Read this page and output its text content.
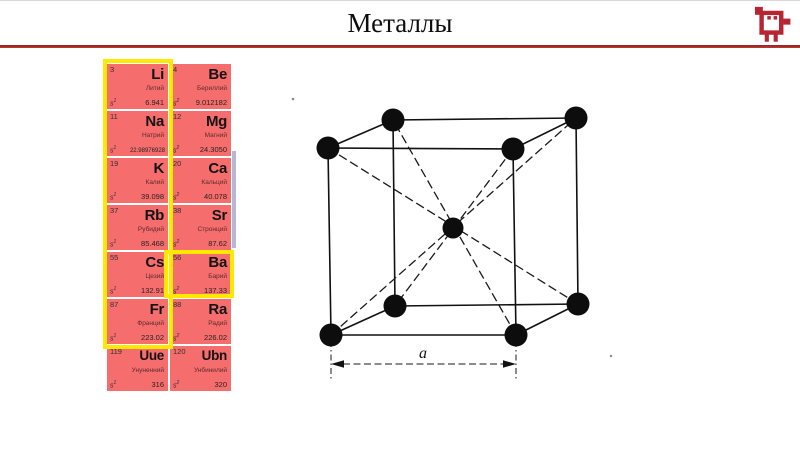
Металлы
3 Li
Литий
$s^1$	6.941
4 Be
Бериллий
$s^2$ 9.012182
11 Na
Натрий
$s^1$
22.98976928
12 Mg
Магний
$s^2$	24.3050
19 K
Калий
$s^1$	39.098
20 Ca
Кальций
$s^2$	40.078
37 Rb
Рубидий
$s^1$	85.468
38 Sr
Стронций
$s^2$	87.62
55 Cs
Цезий
$s^1$	132.91
56 Ba
Барий
$s^2$	137.33
87 Fr
Франций
$s^1$	223.02
88 Ra
Радий
$s^2$	226.02
119 Uue
Унуненний
$s^1$	316
120 Ubn
Унбинилий
$s^2$	320
a
